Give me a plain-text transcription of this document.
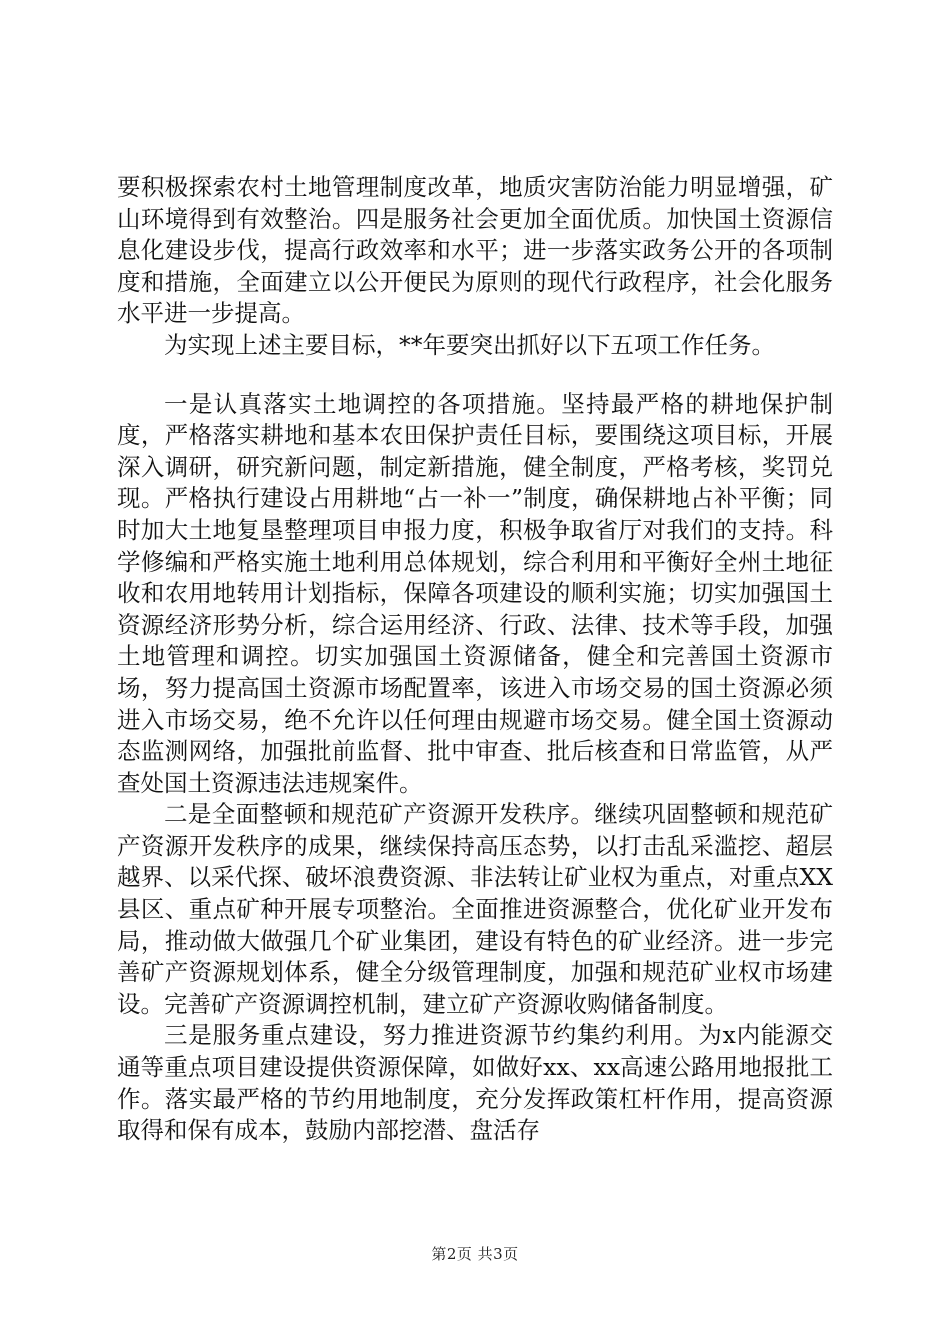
要积极探索农村土地管理制度改革，地质灾害防治能力明显增强，矿山环境得到有效整治。四是服务社会更加全面优质。加快国土资源信息化建设步伐，提高行政效率和水平；进一步落实政务公开的各项制度和措施，全面建立以公开便民为原则的现代行政程序，社会化服务水平进一步提高。

为实现上述主要目标，**年要突出抓好以下五项工作任务。

一是认真落实土地调控的各项措施。坚持最严格的耕地保护制度，严格落实耕地和基本农田保护责任目标，要围绕这项目标，开展深入调研，研究新问题，制定新措施，健全制度，严格考核，奖罚兑现。严格执行建设占用耕地“占一补一”制度，确保耕地占补平衡；同时加大土地复垦整理项目申报力度，积极争取省厅对我们的支持。科学修编和严格实施土地利用总体规划，综合利用和平衡好全州土地征收和农用地转用计划指标，保障各项建设的顺利实施；切实加强国土资源经济形势分析，综合运用经济、行政、法律、技术等手段，加强土地管理和调控。切实加强国土资源储备，健全和完善国土资源市场，努力提高国土资源市场配置率，该进入市场交易的国土资源必须进入市场交易，绝不允许以任何理由规避市场交易。健全国土资源动态监测网络，加强批前监督、批中审查、批后核查和日常监管，从严查处国土资源违法违规案件。

二是全面整顿和规范矿产资源开发秩序。继续巩固整顿和规范矿产资源开发秩序的成果，继续保持高压态势，以打击乱采滥挖、超层越界、以采代探、破坏浪费资源、非法转让矿业权为重点，对重点XX县区、重点矿种开展专项整治。全面推进资源整合，优化矿业开发布局，推动做大做强几个矿业集团，建设有特色的矿业经济。进一步完善矿产资源规划体系，健全分级管理制度，加强和规范矿业权市场建设。完善矿产资源调控机制，建立矿产资源收购储备制度。

三是服务重点建设，努力推进资源节约集约利用。为x内能源交通等重点项目建设提供资源保障，如做好xx、xx高速公路用地报批工作。落实最严格的节约用地制度，充分发挥政策杠杆作用，提高资源取得和保有成本，鼓励内部挖潜、盘活存

第2页 共3页
